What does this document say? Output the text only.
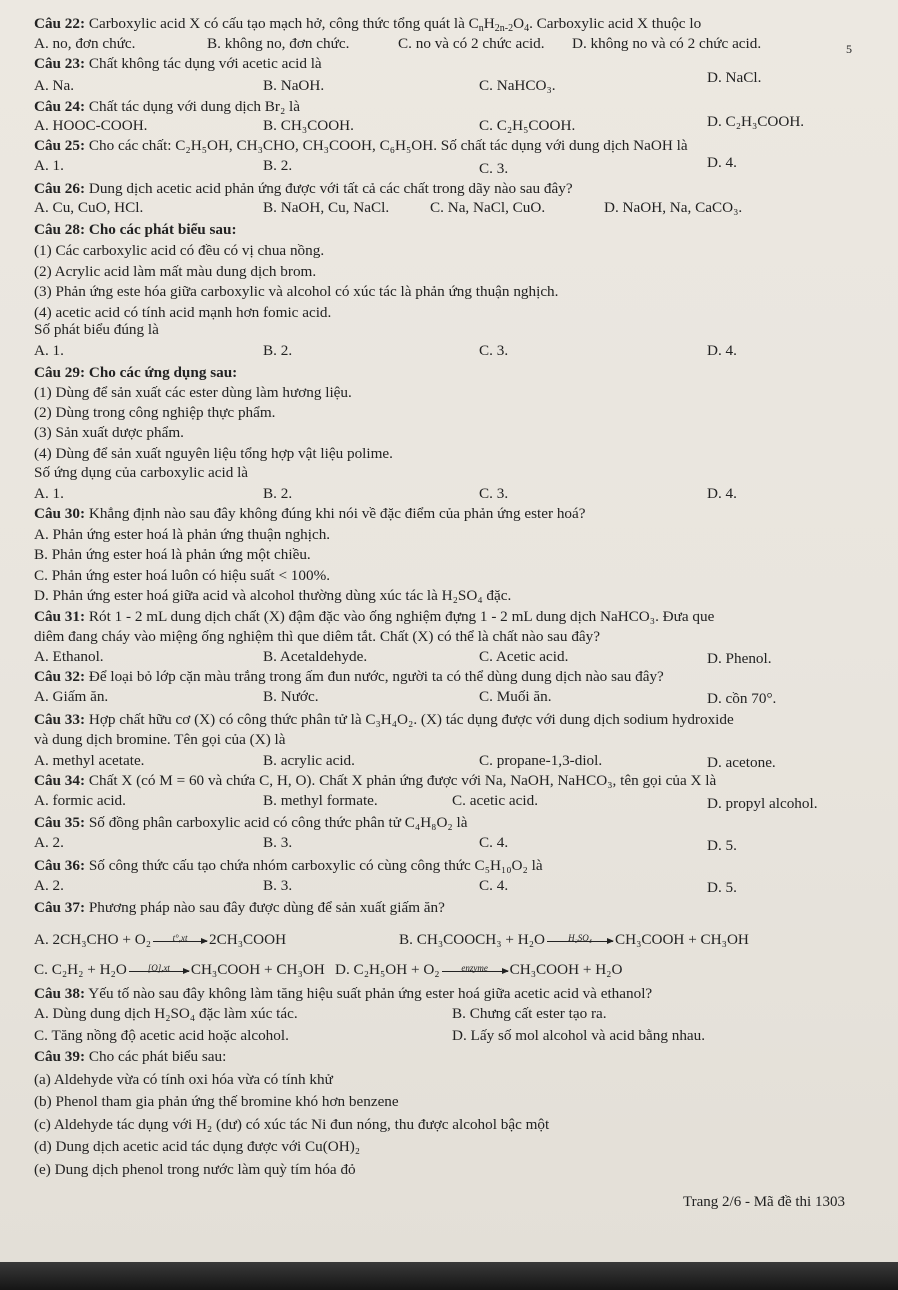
Câu 22: Carboxylic acid X có cấu tạo mạch hở, công thức tổng quát là $C_nH_{2n-2}O_4$. Carboxylic acid X thuộc lo
A. no, đơn chức.	B. không no, đơn chức.	C. no và có 2 chức acid. D. không no và có 2 chức acid.
Câu 23: Chất không tác dụng với acetic acid là
A. Na.	B. NaOH.	C. NaHCO₃.	D. NaCl.
Câu 24: Chất tác dụng với dung dịch Br₂ là
A. HOOC-COOH.	B. CH₃COOH.	C. C₂H₅COOH.	D. C₂H₃COOH.
Câu 25: Cho các chất: C₂H₅OH, CH₃CHO, CH₃COOH, C₆H₅OH. Số chất tác dụng với dung dịch NaOH là
A. 1.	B. 2.	C. 3.	D. 4.
Câu 26: Dung dịch acetic acid phản ứng được với tất cả các chất trong dãy nào sau đây?
A. Cu, CuO, HCl.	B. NaOH, Cu, NaCl.	C. Na, NaCl, CuO.	D. NaOH, Na, CaCO₃.
Câu 28: Cho các phát biểu sau:
(1) Các carboxylic acid có đều có vị chua nồng.
(2) Acrylic acid làm mất màu dung dịch brom.
(3) Phản ứng este hóa giữa carboxylic và alcohol có xúc tác là phản ứng thuận nghịch.
(4) acetic acid có tính acid mạnh hơn fomic acid.
Số phát biểu đúng là
A. 1.	B. 2.	C. 3.	D. 4.
Câu 29: Cho các ứng dụng sau:
(1) Dùng để sản xuất các ester dùng làm hương liệu.
(2) Dùng trong công nghiệp thực phẩm.
(3) Sản xuất dược phẩm.
(4) Dùng để sản xuất nguyên liệu tổng hợp vật liệu polime.
Số ứng dụng của carboxylic acid là
A. 1.	B. 2.	C. 3.	D. 4.
Câu 30: Khẳng định nào sau đây không đúng khi nói về đặc điểm của phản ứng ester hoá?
A. Phản ứng ester hoá là phản ứng thuận nghịch.
B. Phản ứng ester hoá là phản ứng một chiều.
C. Phản ứng ester hoá luôn có hiệu suất < 100%.
D. Phản ứng ester hoá giữa acid và alcohol thường dùng xúc tác là H₂SO₄ đặc.
Câu 31: Rót 1 - 2 mL dung dịch chất (X) đậm đặc vào ống nghiệm đựng 1 - 2 mL dung dịch NaHCO₃. Đưa que
diêm đang cháy vào miệng ống nghiệm thì que diêm tắt. Chất (X) có thể là chất nào sau đây?
A. Ethanol.	B. Acetaldehyde.	C. Acetic acid.	D. Phenol.
Câu 32: Để loại bỏ lớp cặn màu trắng trong ấm đun nước, người ta có thể dùng dung dịch nào sau đây?
A. Giấm ăn.	B. Nước.	C. Muối ăn.	D. cồn 70°.
Câu 33: Hợp chất hữu cơ (X) có công thức phân tử là C₃H₄O₂. (X) tác dụng được với dung dịch sodium hydroxide
và dung dịch bromine. Tên gọi của (X) là
A. methyl acetate.	B. acrylic acid.	C. propane-1,3-diol.	D. acetone.
Câu 34: Chất X (có M = 60 và chứa C, H, O). Chất X phản ứng được với Na, NaOH, NaHCO₃, tên gọi của X là
A. formic acid.	B. methyl formate.	C. acetic acid.	D. propyl alcohol.
Câu 35: Số đồng phân carboxylic acid có công thức phân tử C₄H₈O₂ là
A. 2.	B. 3.	C. 4.	D. 5.
Câu 36: Số công thức cấu tạo chứa nhóm carboxylic có cùng công thức C₅H₁₀O₂ là
A. 2.	B. 3.	C. 4.	D. 5.
Câu 37: Phương pháp nào sau đây được dùng để sản xuất giấm ăn?
A. 2CH₃CHO + O₂	t°,xt	2CH₃COOH	B. CH₃COOCH₃ + H₂O	H₂SO₄	CH₃COOH + CH₃OH
C. C₂H₂ + H₂O	[O],xt	CH₃COOH + CH₃OH D. C₂H₅OH + O₂	enzyme	CH₃COOH + H₂O
Câu 38: Yếu tố nào sau đây không làm tăng hiệu suất phản ứng ester hoá giữa acetic acid và ethanol?
A. Dùng dung dịch H₂SO₄ đặc làm xúc tác.	B. Chưng cất ester tạo ra.
C. Tăng nồng độ acetic acid hoặc alcohol.	D. Lấy số mol alcohol và acid bằng nhau.
Câu 39: Cho các phát biểu sau:
(a) Aldehyde vừa có tính oxi hóa vừa có tính khử
(b) Phenol tham gia phản ứng thế bromine khó hơn benzene
(c) Aldehyde tác dụng với H₂ (dư) có xúc tác Ni đun nóng, thu được alcohol bậc một
(d) Dung dịch acetic acid tác dụng được với Cu(OH)₂
(e) Dung dịch phenol trong nước làm quỳ tím hóa đỏ
Trang 2/6 - Mã đề thi 1303
5
